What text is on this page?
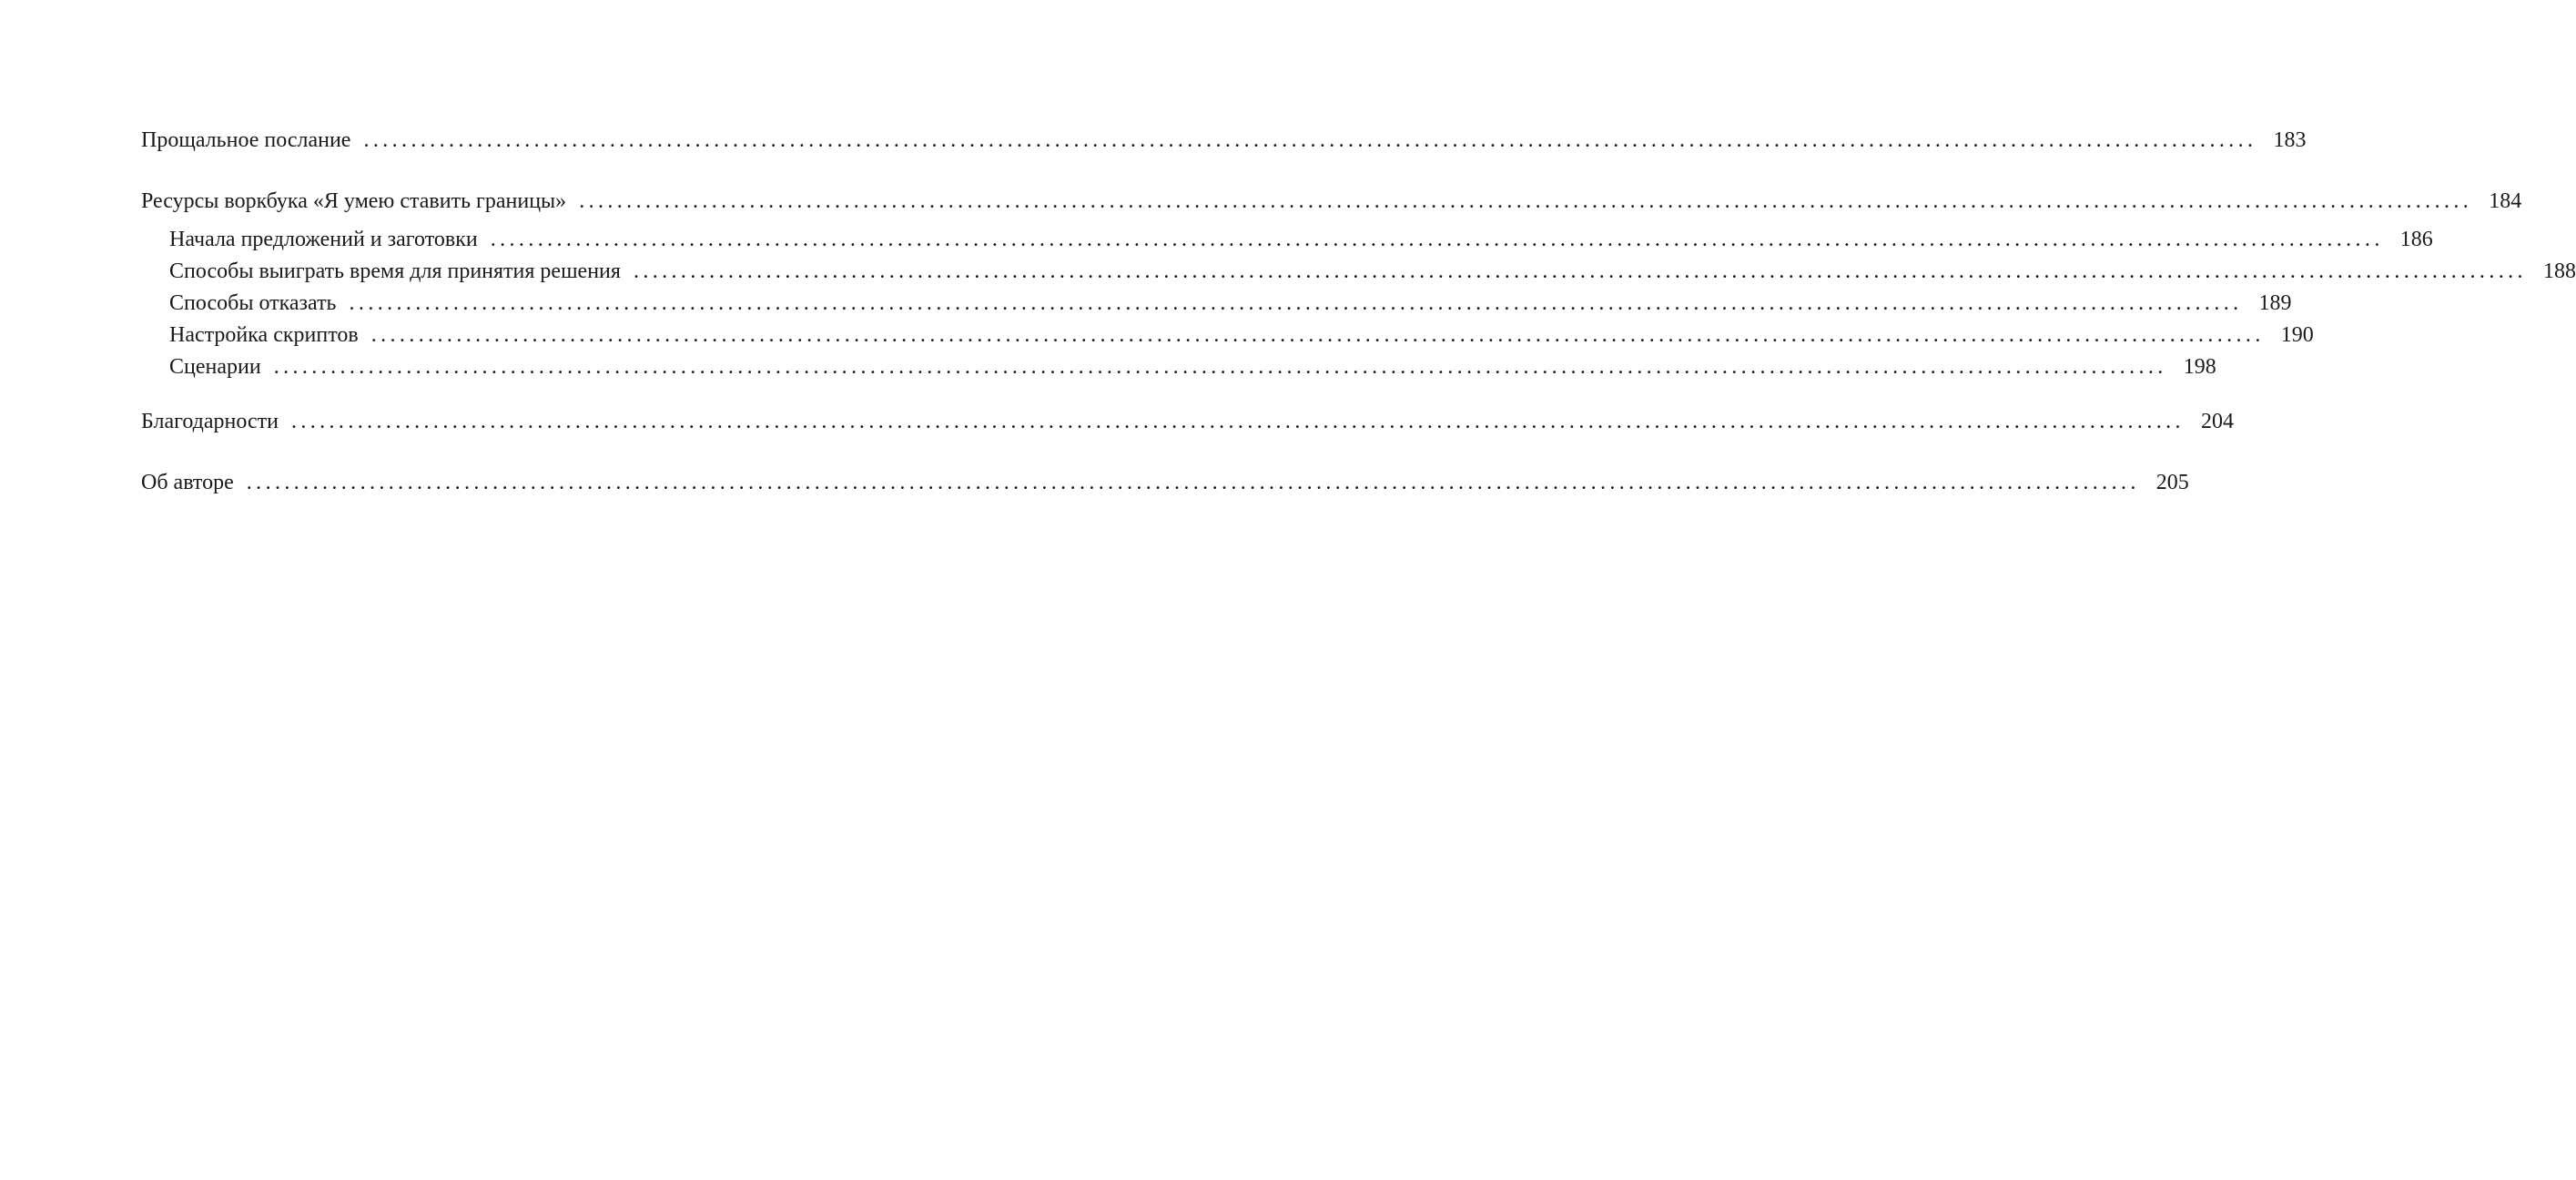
Прощальное послание ........................................................................................................................................................................................................ 183
Ресурсы воркбука «Я умею ставить границы» ........................................................................................................................................................................................................ 184
Начала предложений и заготовки ........................................................................................................................................................................................................ 186
Способы выиграть время для принятия решения ........................................................................................................................................................................................................ 188
Способы отказать ........................................................................................................................................................................................................ 189
Настройка скриптов ........................................................................................................................................................................................................ 190
Сценарии ........................................................................................................................................................................................................ 198
Благодарности ........................................................................................................................................................................................................ 204
Об авторе ........................................................................................................................................................................................................ 205
